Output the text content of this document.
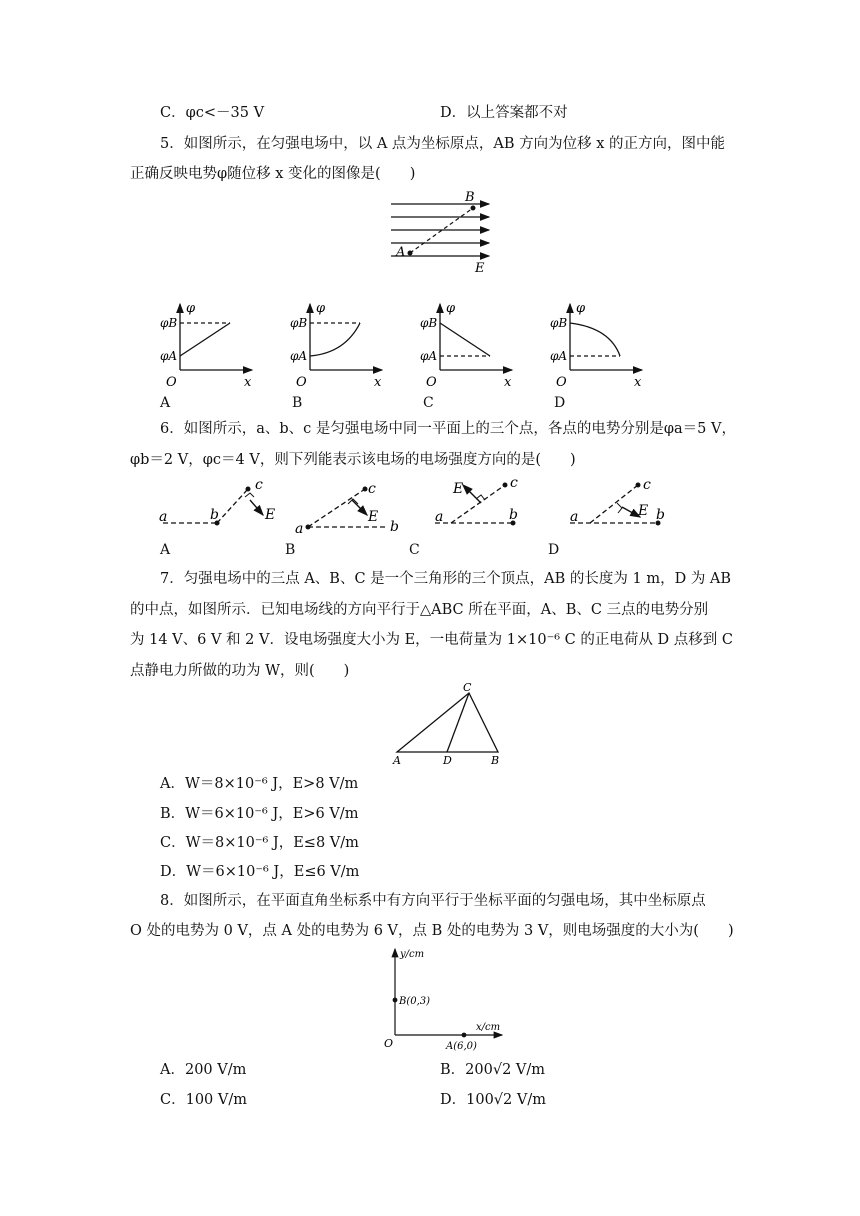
C．φc<－35 V	D．以上答案都不对
5．如图所示，在匀强电场中，以 A 点为坐标原点，AB 方向为位移 x 的正方向，图中能
正确反映电势φ随位移 x 变化的图像是(　　)
B
A
E
φ
φB
φA
O	x
φ
φB
φA
O	x
φ
φB
φA
O	x
φ
φB
φA
O	x
A	B	C	D
6．如图所示，a、b、c 是匀强电场中同一平面上的三个点，各点的电势分别是φa＝5 V，
φb＝2 V，φc＝4 V，则下列能表示该电场的电场强度方向的是(　　)
a	b
c
E
a	b
c
E	a	b
c
E
a	b
c
E
A	B	C	D
7．匀强电场中的三点 A、B、C 是一个三角形的三个顶点，AB 的长度为 1 m，D 为 AB
的中点，如图所示．已知电场线的方向平行于△ABC 所在平面，A、B、C 三点的电势分别
为 14 V、6 V 和 2 V．设电场强度大小为 E，一电荷量为 1×10⁻⁶ C 的正电荷从 D 点移到 C
点静电力所做的功为 W，则(　　)
C
A	D	B
A．W＝8×10⁻⁶ J，E>8 V/m
B．W＝6×10⁻⁶ J，E>6 V/m
C．W＝8×10⁻⁶ J，E≤8 V/m
D．W＝6×10⁻⁶ J，E≤6 V/m
8．如图所示，在平面直角坐标系中有方向平行于坐标平面的匀强电场，其中坐标原点
O 处的电势为 0 V，点 A 处的电势为 6 V，点 B 处的电势为 3 V，则电场强度的大小为(　　)
y/cm
x/cm
B(0,3)
A(6,0)
O
A．200 V/m	B．200√2 V/m
C．100 V/m	D．100√2 V/m
